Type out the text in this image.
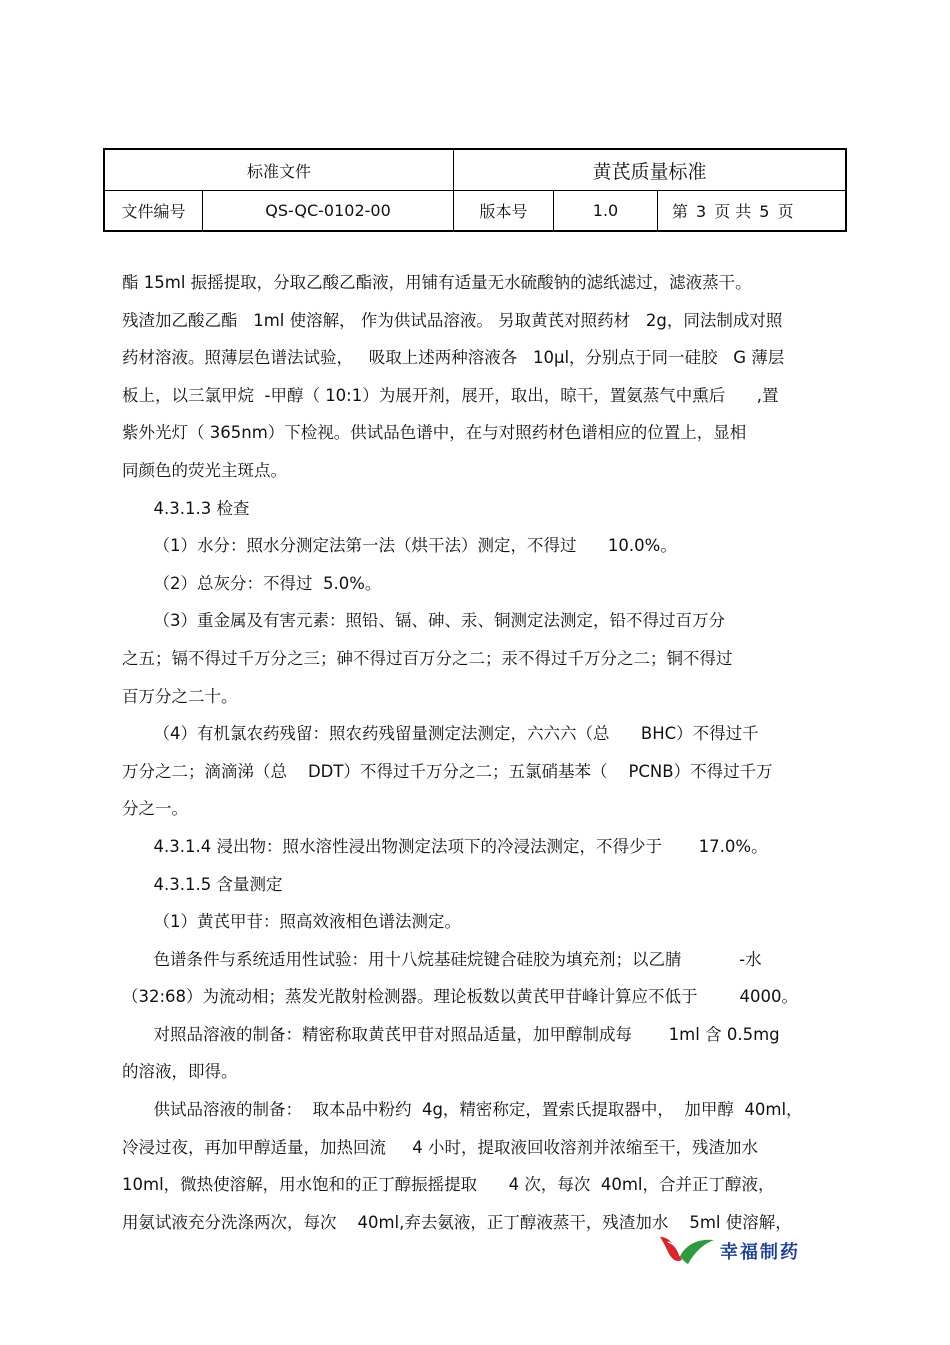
标准文件		黄芪质量标准		
文件编号	QS-QC-0102-00	版本号	1.0	第 3 页 共 5 页
酯 15ml 振摇提取，分取乙酸乙酯液，用铺有适量无水硫酸钠的滤纸滤过，滤液蒸干。
残渣加乙酸乙酯   1ml 使溶解， 作为供试品溶液。 另取黄芪对照药材   2g，同法制成对照
药材溶液。照薄层色谱法试验，   吸取上述两种溶液各   10μl，分别点于同一硅胶   G 薄层
板上，以三氯甲烷  -甲醇（ 10:1）为展开剂，展开，取出，晾干，置氨蒸气中熏后      ,置
紫外光灯（ 365nm）下检视。供试品色谱中，在与对照药材色谱相应的位置上，显相
同颜色的荧光主斑点。
4.3.1.3 检查
（1）水分：照水分测定法第一法（烘干法）测定，不得过      10.0%。
（2）总灰分：不得过  5.0%。
（3）重金属及有害元素：照铅、镉、砷、汞、铜测定法测定，铅不得过百万分
之五；镉不得过千万分之三；砷不得过百万分之二；汞不得过千万分之二；铜不得过
百万分之二十。
（4）有机氯农药残留：照农药残留量测定法测定，六六六（总      BHC）不得过千
万分之二；滴滴涕（总    DDT）不得过千万分之二；五氯硝基苯（    PCNB）不得过千万
分之一。
4.3.1.4 浸出物：照水溶性浸出物测定法项下的冷浸法测定，不得少于       17.0%。
4.3.1.5 含量测定
（1）黄芪甲苷：照高效液相色谱法测定。
色谱条件与系统适用性试验：用十八烷基硅烷键合硅胶为填充剂；以乙腈           -水
（32:68）为流动相；蒸发光散射检测器。理论板数以黄芪甲苷峰计算应不低于        4000。
对照品溶液的制备：精密称取黄芪甲苷对照品适量，加甲醇制成每       1ml 含 0.5mg
的溶液，即得。
供试品溶液的制备：  取本品中粉约  4g，精密称定，置索氏提取器中，  加甲醇  40ml，
冷浸过夜，再加甲醇适量，加热回流     4 小时，提取液回收溶剂并浓缩至干，残渣加水
10ml，微热使溶解，用水饱和的正丁醇振摇提取      4 次，每次  40ml，合并正丁醇液，
用氨试液充分洗涤两次，每次    40ml,弃去氨液，正丁醇液蒸干，残渣加水    5ml 使溶解，
幸福制药
